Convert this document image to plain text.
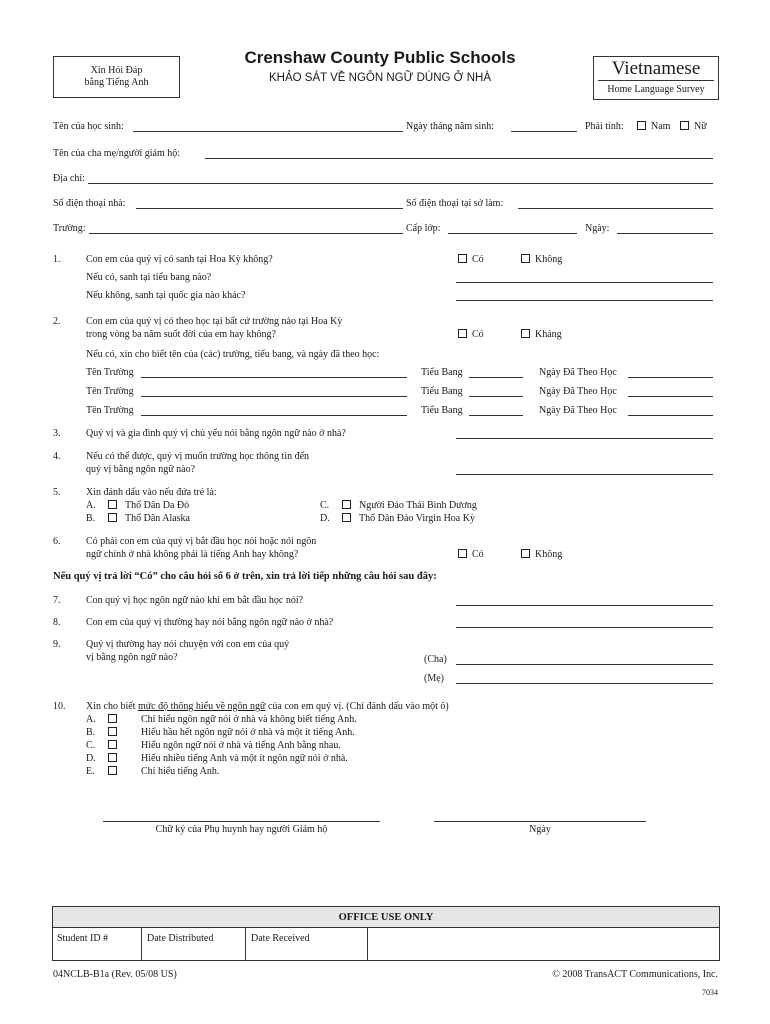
Xin Hỏi Đáp
bằng Tiếng Anh
Crenshaw County Public Schools
KHẢO SÁT VỀ NGÔN NGỮ DÙNG Ở NHÀ	Vietnamese
Home Language Survey
Tên của học sinh:	Ngày tháng năm sinh:	Phái tính:	Nam	Nữ
Tên của cha mẹ/người giám hộ:
Địa chỉ:
Số điện thoại nhà:	Số điện thoại tại sở làm:
Trường:	Cấp lớp:	Ngày:
1.	Con em của quý vị có sanh tại Hoa Kỳ không?	Có	Không
Nếu có, sanh tại tiểu bang nào?
Nếu không, sanh tại quốc gia nào khác?
2.	Con em của quý vị có theo học tại bất cứ trường nào tại Hoa Kỳ
trong vòng ba năm suốt đời của em hay không?	Có	Kháng
Nếu có, xin cho biết tên của (các) trường, tiểu bang, và ngày đã theo học:
Tên Trường	Tiểu Bang	Ngày Đã Theo Học
Tên Trường	Tiểu Bang	Ngày Đã Theo Học
Tên Trường	Tiểu Bang	Ngày Đã Theo Học
3.	Quý vị và gia đình quý vị chủ yếu nói bằng ngôn ngữ nào ở nhà?
4.	Nếu có thể được, quý vị muốn trường học thông tin đến
quý vị bằng ngôn ngữ nào?
5.	Xin đánh dấu vào nếu đứa trẻ là:
A.	Thổ Dân Da Đỏ
B.	Thổ Dân Alaska
C.	Người Đảo Thái Bình Dương
D.	Thổ Dân Đảo Virgin Hoa Kỳ
6.	Có phải con em của quý vị bắt đầu học nói hoặc nói ngôn
ngữ chính ở nhà không phải là tiếng Anh hay không?	Có	Không
Nếu quý vị trả lời “Có” cho câu hỏi số 6 ở trên, xin trả lời tiếp những câu hỏi sau đây:
7.	Con quý vị học ngôn ngữ nào khi em bắt đầu học nói?
8.	Con em của quý vị thường hay nói bằng ngôn ngữ nào ở nhà?
9.	Quý vị thường hay nói chuyện với con em của quý
vị bằng ngôn ngữ nào?	(Cha)
(Mẹ)
10. Xin cho biết mức độ thông hiểu về ngôn ngữ của con em quý vị. (Chỉ đánh dấu vào một ô)
A.	Chỉ hiểu ngôn ngữ nói ở nhà và không biết tiếng Anh.
B.	Hiểu hầu hết ngôn ngữ nói ở nhà và một ít tiếng Anh.
C.	Hiểu ngôn ngữ nói ở nhà và tiếng Anh bằng nhau.
D.	Hiểu nhiều tiếng Anh và một ít ngôn ngữ nói ở nhà.
E.	Chỉ hiểu tiếng Anh.
Chữ ký của Phụ huynh hay người Giám hộ	Ngày
OFFICE USE ONLY
Student ID #	Date Distributed	Date Received	
04NCLB-B1a (Rev. 05/08 US)	© 2008 TransACT Communications, Inc.
7034
